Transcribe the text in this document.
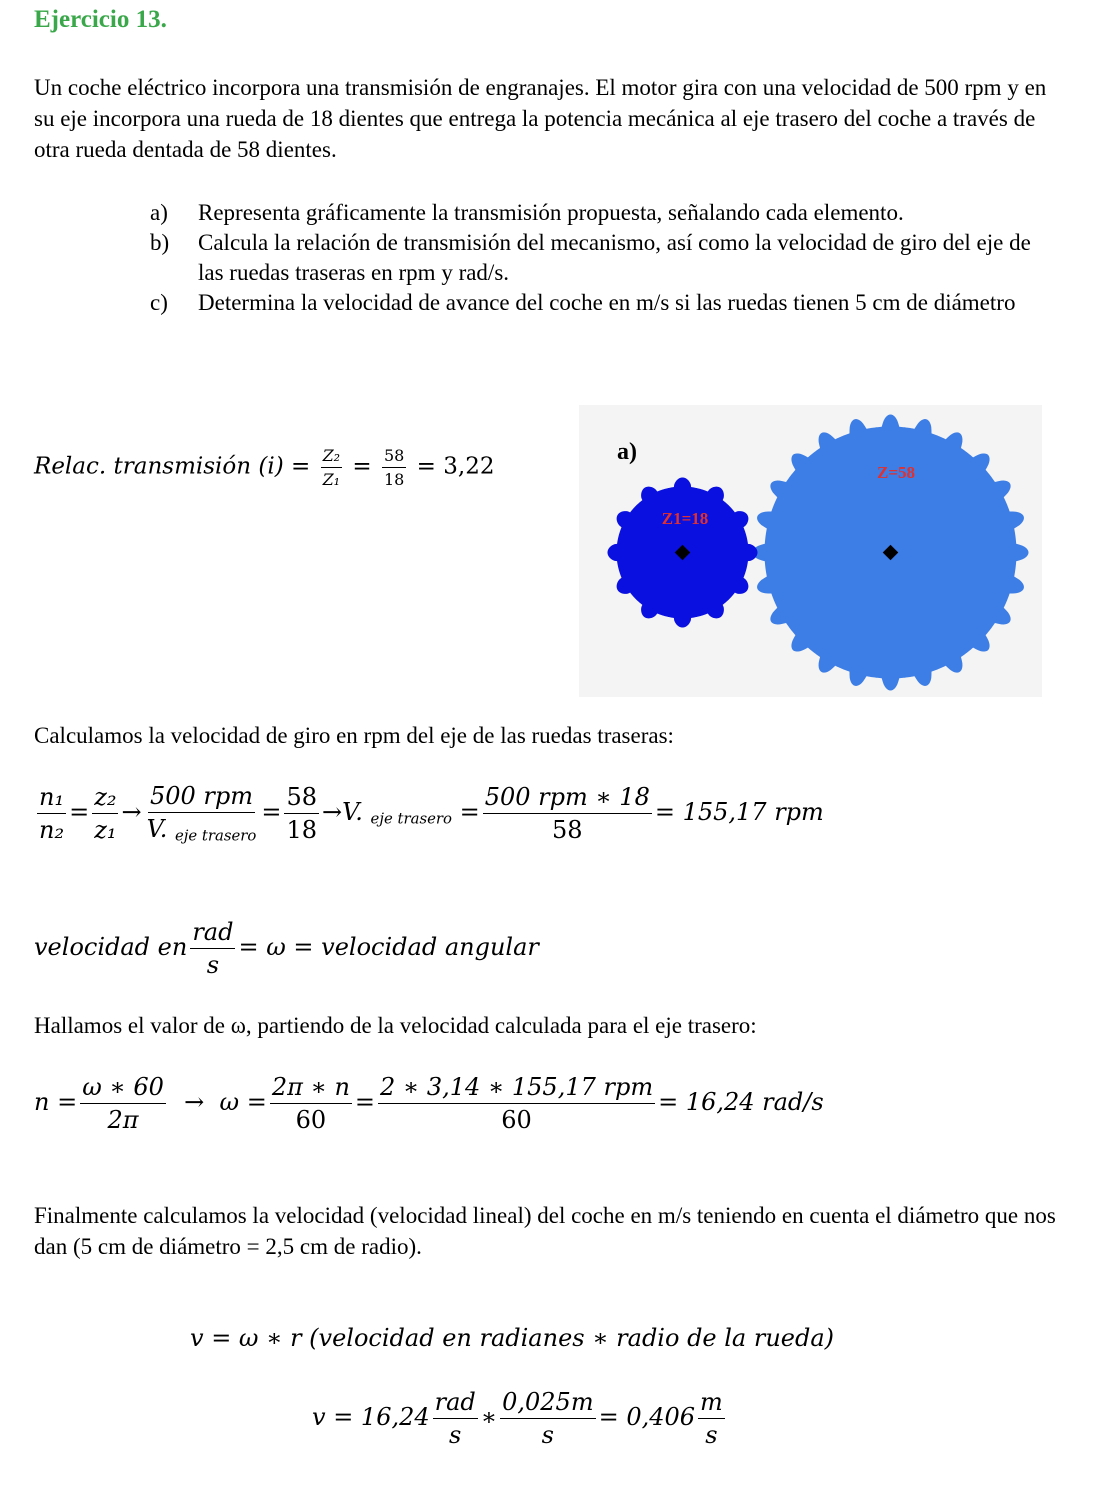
Ejercicio 13.
Un coche eléctrico incorpora una transmisión de engranajes. El motor gira con una velocidad de 500 rpm y en su eje incorpora una rueda de 18 dientes que entrega la potencia mecánica al eje trasero del coche a través de otra rueda dentada de 58 dientes.
a)	Representa gráficamente la transmisión propuesta, señalando cada elemento.
b)	Calcula la relación de transmisión del mecanismo, así como la velocidad de giro del eje de las ruedas traseras en rpm y rad/s.
c)	Determina la velocidad de avance del coche en m/s si las ruedas tienen 5 cm de diámetro
Relac. transmisión $(i) = \frac{\text{Z₂}}{\text{Z₁}} = \frac{58}{18} = 3,22$
a)
Z1=18
Z=58
Calculamos la velocidad de giro en rpm del eje de las ruedas traseras:
$\frac{\text{n₁}}{\text{n₂}} = \frac{\text{z₂}}{\text{z₁}} \to \frac{\text{500 rpm}}{V. _{eje trasero}} = \frac{58}{18} \to V$. $_{eje trasero} = \frac{\text{500 rpm ∗ 18}}{58} = 155,17$ rpm
velocidad en $\frac{\text{rad}}{s} = \omega$ = velocidad angular
Hallamos el valor de ω, partiendo de la velocidad calculada para el eje trasero:
$n = \frac{\omega ∗ 60}{2\pi} \to \omega = \frac{2\pi ∗ n}{60} = \frac{\text{2 ∗ 3,14 ∗ 155,17 rpm}}{60} = 16,24$ rad/s
Finalmente calculamos la velocidad (velocidad lineal) del coche en m/s teniendo en cuenta el diámetro que nos dan (5 cm de diámetro = 2,5 cm de radio).
v = ω ∗ r (velocidad en radianes ∗ radio de la rueda)
$v = 16,24 \frac{\text{rad}}{s}$ ∗ $\frac{0,025m}{s} = 0,406 \frac{m}{s}$
